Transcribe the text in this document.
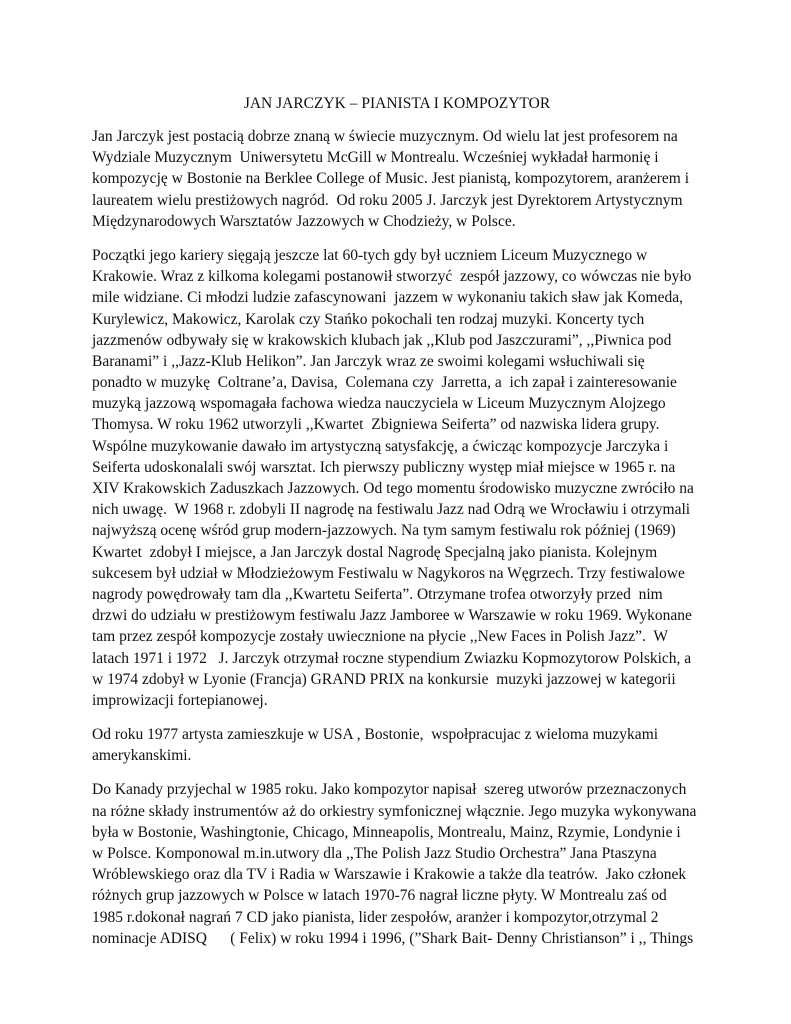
JAN JARCZYK – PIANISTA I KOMPOZYTOR
Jan Jarczyk jest postacią dobrze znaną w świecie muzycznym. Od wielu lat jest profesorem na
Wydziale Muzycznym  Uniwersytetu McGill w Montrealu. Wcześniej wykładał harmonię i
kompozycję w Bostonie na Berklee College of Music. Jest pianistą, kompozytorem, aranżerem i
laureatem wielu prestiżowych nagród.  Od roku 2005 J. Jarczyk jest Dyrektorem Artystycznym
Międzynarodowych Warsztatów Jazzowych w Chodzieży, w Polsce.
Początki jego kariery sięgają jeszcze lat 60-tych gdy był uczniem Liceum Muzycznego w
Krakowie. Wraz z kilkoma kolegami postanowił stworzyć  zespół jazzowy, co wówczas nie było
mile widziane. Ci młodzi ludzie zafascynowani  jazzem w wykonaniu takich sław jak Komeda,
Kurylewicz, Makowicz, Karolak czy Stańko pokochali ten rodzaj muzyki. Koncerty tych
jazzmenów odbywały się w krakowskich klubach jak ,,Klub pod Jaszczurami”, ,,Piwnica pod
Baranami” i ,,Jazz-Klub Helikon”. Jan Jarczyk wraz ze swoimi kolegami wsłuchiwali się
ponadto w muzykę  Coltrane’a, Davisa,  Colemana czy  Jarretta, a  ich zapał i zainteresowanie
muzyką jazzową wspomagała fachowa wiedza nauczyciela w Liceum Muzycznym Alojzego
Thomysa. W roku 1962 utworzyli ,,Kwartet  Zbigniewa Seiferta” od nazwiska lidera grupy.
Wspólne muzykowanie dawało im artystyczną satysfakcję, a ćwicząc kompozycje Jarczyka i
Seiferta udoskonalali swój warsztat. Ich pierwszy publiczny występ miał miejsce w 1965 r. na
XIV Krakowskich Zaduszkach Jazzowych. Od tego momentu środowisko muzyczne zwróciło na
nich uwagę.  W 1968 r. zdobyli II nagrodę na festiwalu Jazz nad Odrą we Wrocławiu i otrzymali
najwyższą ocenę wśród grup modern-jazzowych. Na tym samym festiwalu rok później (1969)
Kwartet  zdobył I miejsce, a Jan Jarczyk dostal Nagrodę Specjalną jako pianista. Kolejnym
sukcesem był udział w Młodzieżowym Festiwalu w Nagykoros na Węgrzech. Trzy festiwalowe
nagrody powędrowały tam dla ,,Kwartetu Seiferta”. Otrzymane trofea otworzyły przed  nim
drzwi do udziału w prestiżowym festiwalu Jazz Jamboree w Warszawie w roku 1969. Wykonane
tam przez zespół kompozycje zostały uwiecznione na płycie ,,New Faces in Polish Jazz”.  W
latach 1971 i 1972   J. Jarczyk otrzymał roczne stypendium Zwiazku Kopmozytorow Polskich, a
w 1974 zdobył w Lyonie (Francja) GRAND PRIX na konkursie  muzyki jazzowej w kategorii
improwizacji fortepianowej.
Od roku 1977 artysta zamieszkuje w USA , Bostonie,  wspołpracujac z wieloma muzykami
amerykanskimi.
Do Kanady przyjechal w 1985 roku. Jako kompozytor napisał  szereg utworów przeznaczonych
na różne składy instrumentów aż do orkiestry symfonicznej włącznie. Jego muzyka wykonywana
była w Bostonie, Washingtonie, Chicago, Minneapolis, Montrealu, Mainz, Rzymie, Londynie i
w Polsce. Komponowal m.in.utwory dla ,,The Polish Jazz Studio Orchestra” Jana Ptaszyna
Wróblewskiego oraz dla TV i Radia w Warszawie i Krakowie a także dla teatrów.  Jako członek
różnych grup jazzowych w Polsce w latach 1970-76 nagrał liczne płyty. W Montrealu zaś od
1985 r.dokonał nagrań 7 CD jako pianista, lider zespołów, aranżer i kompozytor,otrzymal 2
nominacje ADISQ      ( Felix) w roku 1994 i 1996, (”Shark Bait- Denny Christianson” i ,, Things
